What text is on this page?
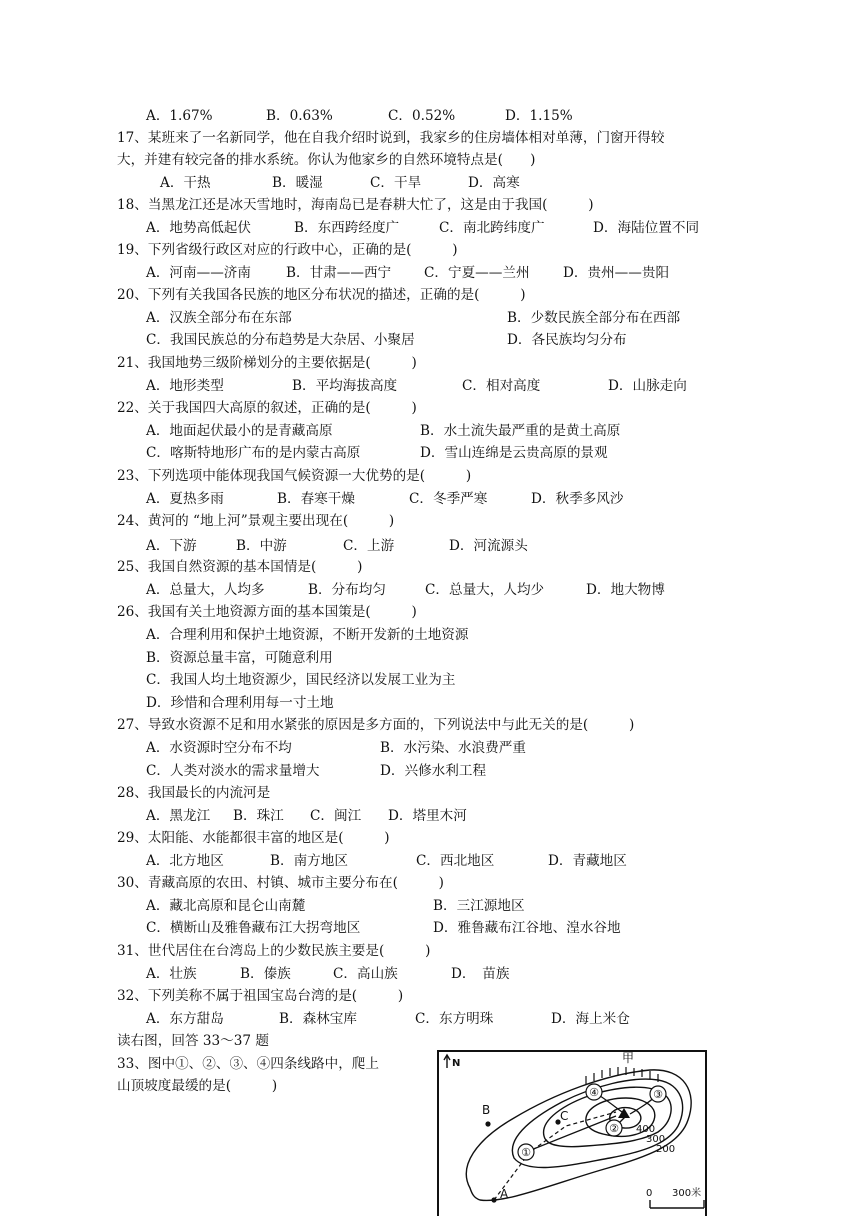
A．1.67%	B．0.63%	C．0.52%	D．1.15%
17、某班来了一名新同学，他在自我介绍时说到，我家乡的住房墙体相对单薄，门窗开得较
大，并建有较完备的排水系统。你认为他家乡的自然环境特点是(　　)
A．干热	B．暖湿	C．干旱	D．高寒
18、当黑龙江还是冰天雪地时，海南岛已是春耕大忙了，这是由于我国(　　　)
A．地势高低起伏	B．东西跨经度广	C．南北跨纬度广	D．海陆位置不同
19、下列省级行政区对应的行政中心，正确的是(　　　)
A．河南——济南	B．甘肃——西宁 C．宁夏——兰州 D．贵州——贵阳
20、下列有关我国各民族的地区分布状况的描述，正确的是(　　　)
A．汉族全部分布在东部	B．少数民族全部分布在西部
C．我国民族总的分布趋势是大杂居、小聚居	D．各民族均匀分布
21、我国地势三级阶梯划分的主要依据是(　　　)
A．地形类型	B．平均海拔高度	C．相对高度	D．山脉走向
22、关于我国四大高原的叙述，正确的是(　　　)
A．地面起伏最小的是青藏高原	B．水土流失最严重的是黄土高原
C．喀斯特地形广布的是内蒙古高原	D．雪山连绵是云贵高原的景观
23、下列选项中能体现我国气候资源一大优势的是(　　　)
A．夏热多雨	B．春寒干燥	C．冬季严寒	D．秋季多风沙
24、黄河的 “地上河”景观主要出现在(　　　)
A．下游	B．中游	C．上游	D．河流源头
25、我国自然资源的基本国情是(　　　)
A．总量大，人均多	B．分布均匀	C．总量大，人均少	D．地大物博
26、我国有关土地资源方面的基本国策是(　　　)
A．合理利用和保护土地资源，不断开发新的土地资源
B．资源总量丰富，可随意利用
C．我国人均土地资源少，国民经济以发展工业为主
D．珍惜和合理利用每一寸土地
27、导致水资源不足和用水紧张的原因是多方面的，下列说法中与此无关的是(　　　)
A．水资源时空分布不均	B．水污染、水浪费严重
C．人类对淡水的需求量增大	D．兴修水利工程
28、我国最长的内流河是
A．黑龙江 B．珠江 C．闽江 D．塔里木河
29、太阳能、水能都很丰富的地区是(　　　)
A．北方地区	B．南方地区	C．西北地区	D．青藏地区
30、青藏高原的农田、村镇、城市主要分布在(　　　)
A．藏北高原和昆仑山南麓	B．三江源地区
C．横断山及雅鲁藏布江大拐弯地区	D．雅鲁藏布江谷地、湟水谷地
31、世代居住在台湾岛上的少数民族主要是(　　　)
A．壮族	B．傣族	C．高山族	D．　苗族
32、下列美称不属于祖国宝岛台湾的是(　　　)
A．东方甜岛	B．森林宝库	C．东方明珠	D．海上米仓
读右图，回答 33～37 题
33、图中①、②、③、④四条线路中，爬上
山顶坡度最缓的是(　　　)
①
②
③
④
N	甲
B	C
A
400
300
200
0 300米
